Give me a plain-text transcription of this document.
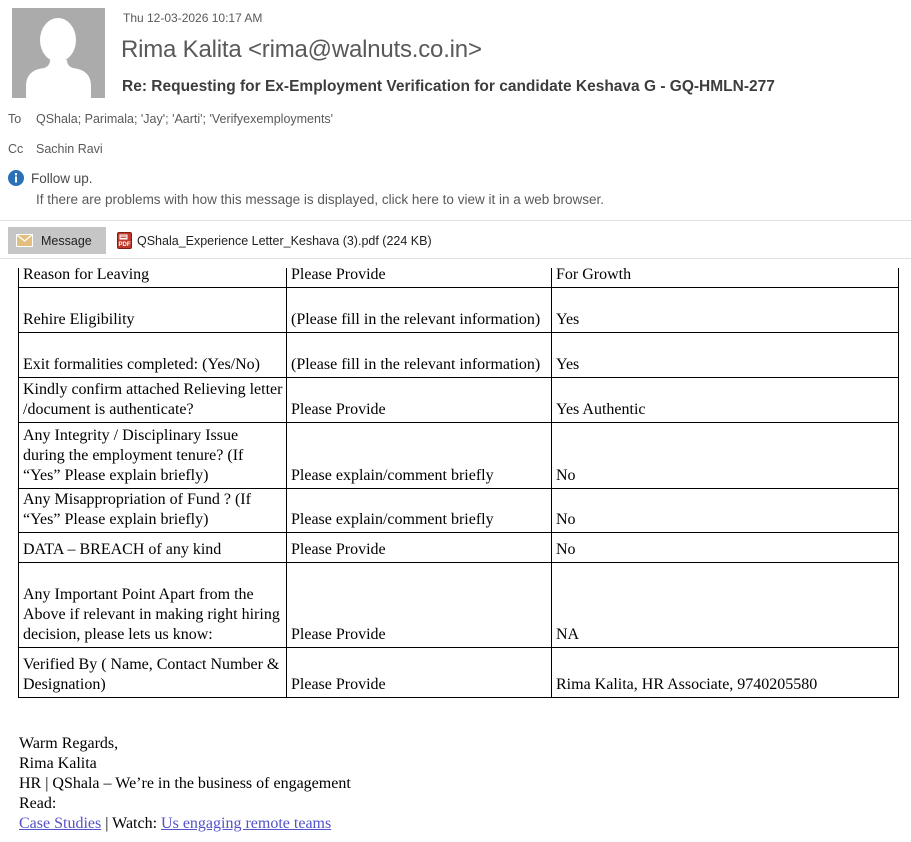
Thu 12-03-2026 10:17 AM
Rima Kalita <rima@walnuts.co.in>
Re: Requesting for Ex-Employment Verification for candidate Keshava G - GQ-HMLN-277
To	QShala; Parimala; 'Jay'; 'Aarti'; 'Verifyexemployments'
Cc	Sachin Ravi
Follow up.
If there are problems with how this message is displayed, click here to view it in a web browser.
Message	PDF QShala_Experience Letter_Keshava (3).pdf (224 KB)
Reason for Leaving	Please Provide	For Growth
Rehire Eligibility	(Please fill in the relevant information)	Yes
Exit formalities completed: (Yes/No)	(Please fill in the relevant information)	Yes
Kindly confirm attached Relieving letter /document is authenticate?	Please Provide	Yes Authentic
Any Integrity / Disciplinary Issue during the employment tenure? (If “Yes” Please explain briefly)	Please explain/comment briefly	No
Any Misappropriation of Fund ? (If “Yes” Please explain briefly)	Please explain/comment briefly	No
DATA – BREACH of any kind	Please Provide	No
Any Important Point Apart from the Above if relevant in making right hiring decision, please lets us know:	Please Provide	NA
Verified By ( Name, Contact Number & Designation)	Please Provide	Rima Kalita, HR Associate, 9740205580
Warm Regards,
Rima Kalita
HR | QShala – We’re in the business of engagement
Read:
Case Studies | Watch: Us engaging remote teams
